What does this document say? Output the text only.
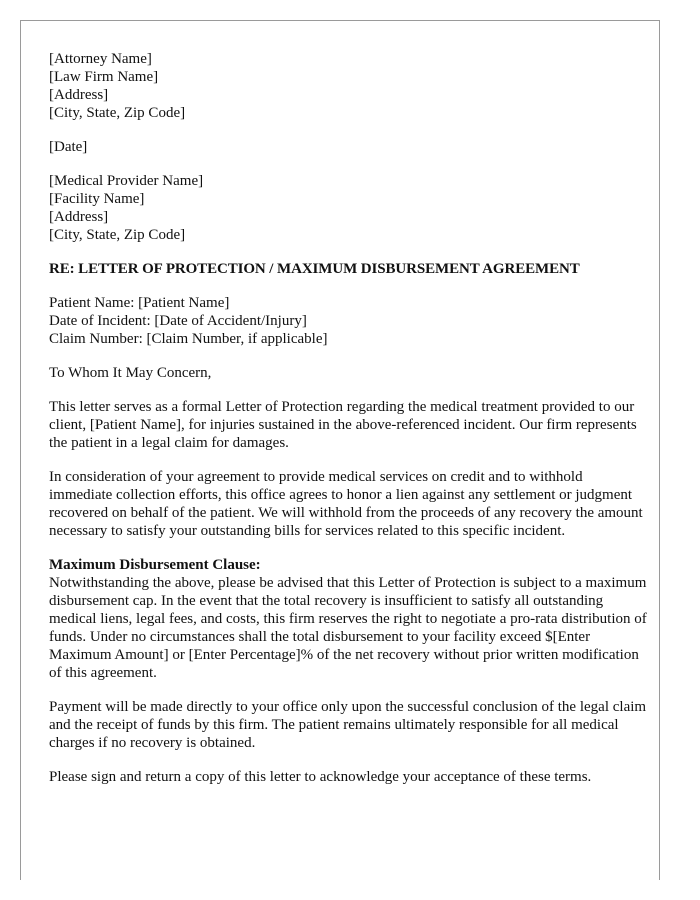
[Attorney Name]
[Law Firm Name]
[Address]
[City, State, Zip Code]
[Date]
[Medical Provider Name]
[Facility Name]
[Address]
[City, State, Zip Code]
RE: LETTER OF PROTECTION / MAXIMUM DISBURSEMENT AGREEMENT
Patient Name: [Patient Name]
Date of Incident: [Date of Accident/Injury]
Claim Number: [Claim Number, if applicable]

To Whom It May Concern,

This letter serves as a formal Letter of Protection regarding the medical treatment provided to our client, [Patient Name], for injuries sustained in the above-referenced incident. Our firm represents the patient in a legal claim for damages.

In consideration of your agreement to provide medical services on credit and to withhold immediate collection efforts, this office agrees to honor a lien against any settlement or judgment recovered on behalf of the patient. We will withhold from the proceeds of any recovery the amount necessary to satisfy your outstanding bills for services related to this specific incident.

Maximum Disbursement Clause:
Notwithstanding the above, please be advised that this Letter of Protection is subject to a maximum disbursement cap. In the event that the total recovery is insufficient to satisfy all outstanding medical liens, legal fees, and costs, this firm reserves the right to negotiate a pro-rata distribution of funds. Under no circumstances shall the total disbursement to your facility exceed $[Enter Maximum Amount] or [Enter Percentage]% of the net recovery without prior written modification of this agreement.

Payment will be made directly to your office only upon the successful conclusion of the legal claim and the receipt of funds by this firm. The patient remains ultimately responsible for all medical charges if no recovery is obtained.

Please sign and return a copy of this letter to acknowledge your acceptance of these terms.
